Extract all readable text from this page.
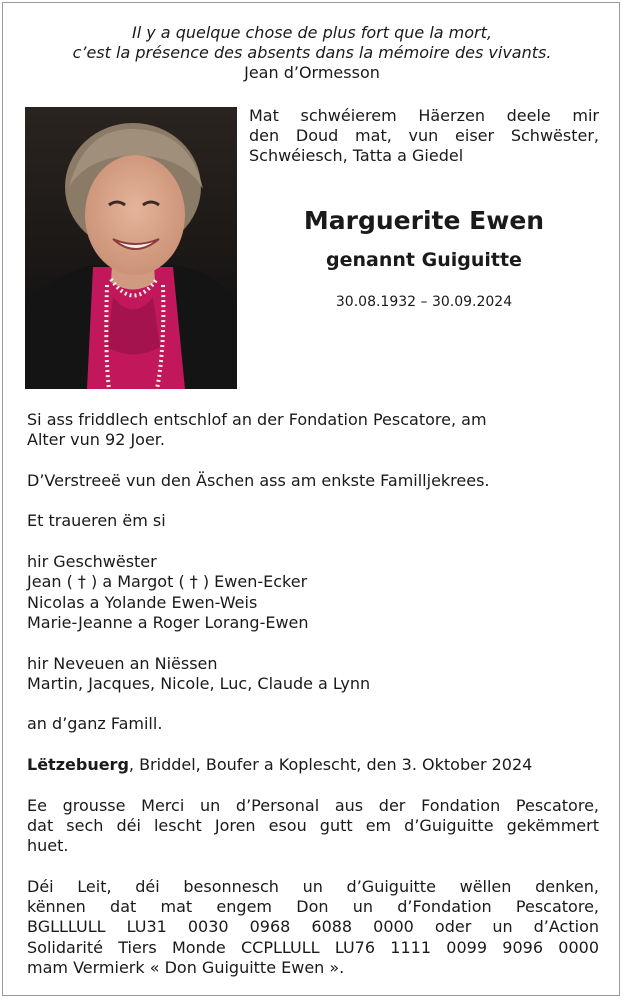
Il y a quelque chose de plus fort que la mort,
c’est la présence des absents dans la mémoire des vivants.
Jean d’Ormesson
Mat schwéierem Häerzen deele mir
den Doud mat, vun eiser Schwëster,
Schwéiesch, Tatta a Giedel
Marguerite Ewen
genannt Guiguitte
30.08.1932 – 30.09.2024

Si ass friddlech entschlof an der Fondation Pescatore, am

Alter vun 92 Joer.

D’Verstreeë vun den Äschen ass am enkste Familljekrees.

Et traueren ëm si

hir Geschwëster

Jean ( † ) a Margot ( † ) Ewen-Ecker

Nicolas a Yolande Ewen-Weis

Marie-Jeanne a Roger Lorang-Ewen

hir Neveuen an Niëssen

Martin, Jacques, Nicole, Luc, Claude a Lynn

an d’ganz Famill.

Lëtzebuerg, Briddel, Boufer a Koplescht, den 3. Oktober 2024

Ee grousse Merci un d’Personal aus der Fondation Pescatore,

dat sech déi lescht Joren esou gutt em d’Guiguitte gekëmmert

huet.

Déi Leit, déi besonnesch un d’Guiguitte wëllen denken,

kënnen dat mat engem Don un d’Fondation Pescatore,

BGLLLULL LU31 0030 0968 6088 0000 oder un d’Action

Solidarité Tiers Monde CCPLLULL LU76 1111 0099 9096 0000

mam Vermierk « Don Guiguitte Ewen ».
